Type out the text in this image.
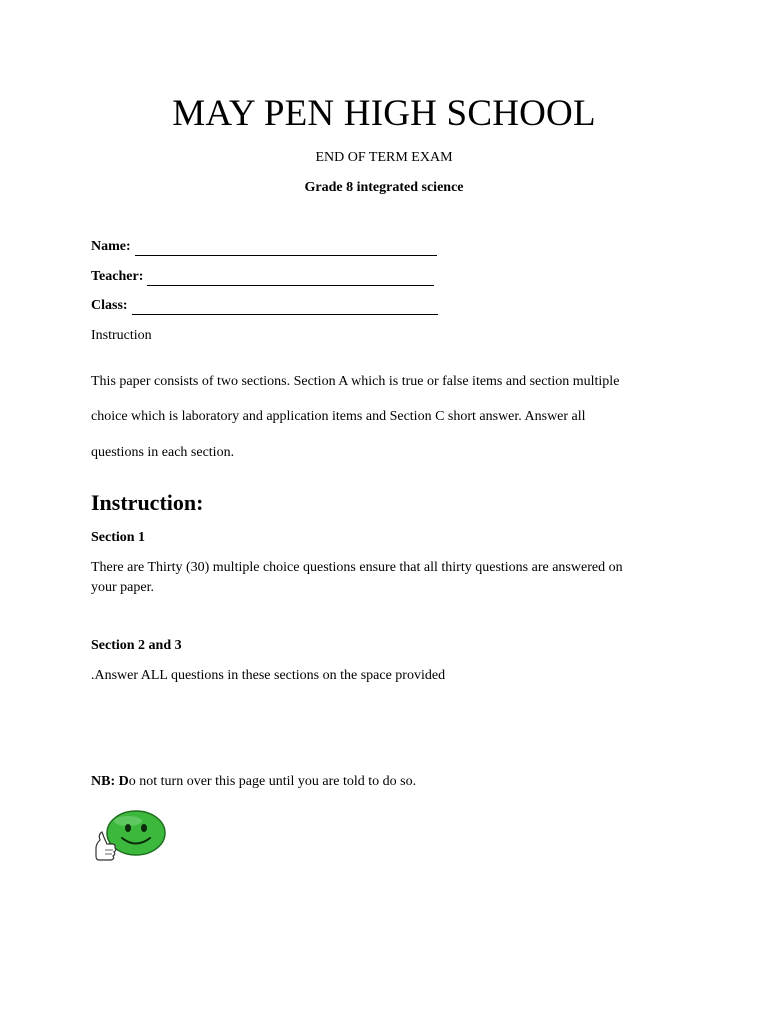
MAY PEN HIGH SCHOOL
END OF TERM EXAM
Grade 8 integrated science
Name:
Teacher:
Class:
Instruction
This paper consists of two sections. Section A which is true or false items and section multiple
choice which is laboratory and application items and Section C short answer. Answer all
questions in each section.
Instruction:
Section 1
There are Thirty (30) multiple choice questions ensure that all thirty questions are answered on
your paper.
Section 2 and 3
.Answer ALL questions in these sections on the space provided
NB: Do not turn over this page until you are told to do so.
